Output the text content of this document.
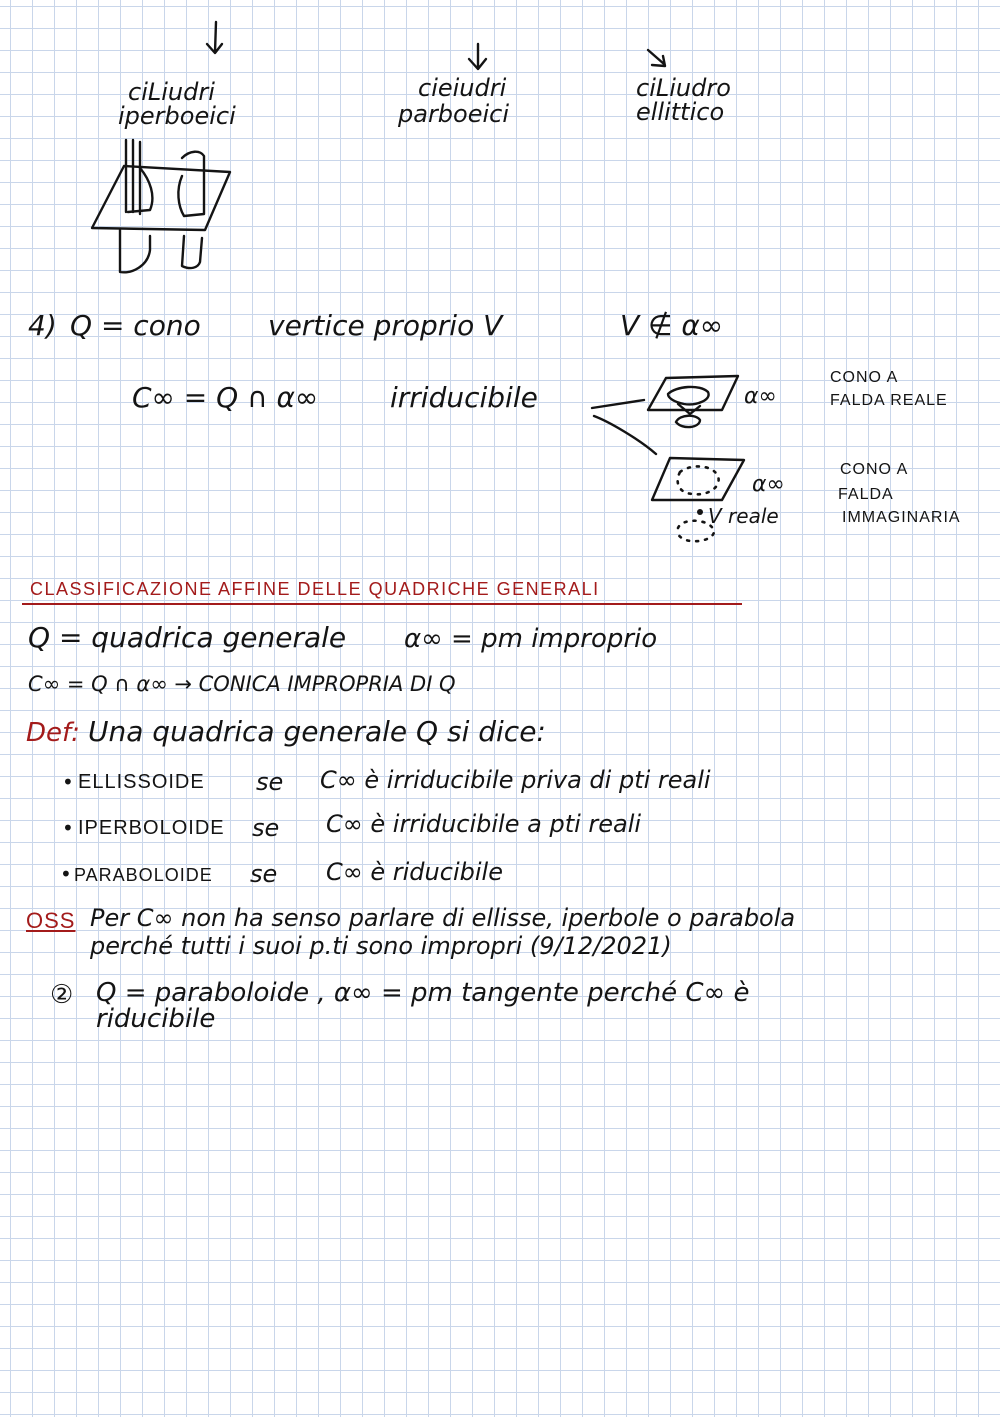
ciLiudri
iperboeici
cieiudri
parboeici
ciLiudro
ellittico
4) Q = cono vertice proprio V	V ∉ α∞
C∞ = Q ∩ α∞	irriducibile	α∞
α∞
V reale
CONO A
FALDA REALE
CONO A
FALDA
IMMAGINARIA
CLASSIFICAZIONE AFFINE DELLE QUADRICHE GENERALI
Q = quadrica generale α∞ = pm improprio
C∞ = Q ∩ α∞ → CONICA IMPROPRIA DI Q
Def: Una quadrica generale Q si dice:
• ELLISSOIDE se C∞ è irriducibile priva di pti reali
• IPERBOLOIDE se C∞ è irriducibile a pti reali
• PARABOLOIDE se C∞ è riducibile
OSS Per C∞ non ha senso parlare di ellisse, iperbole o parabola
perché tutti i suoi p.ti sono impropri (9/12/2021)
② Q = paraboloide , α∞ = pm tangente perché C∞ è
riducibile
